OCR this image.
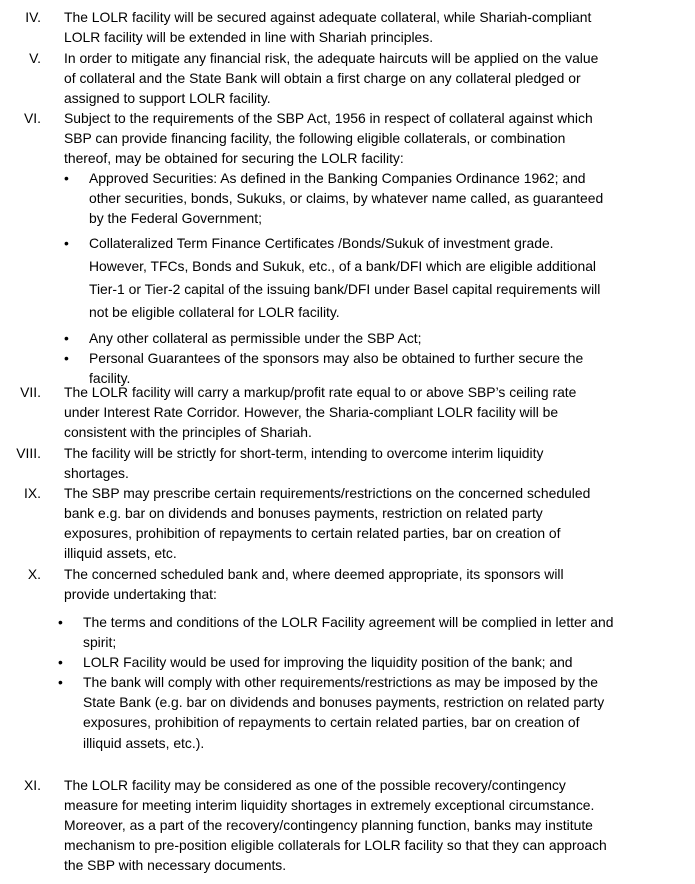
IV. The LOLR facility will be secured against adequate collateral, while Shariah-compliant
LOLR facility will be extended in line with Shariah principles.
V. In order to mitigate any financial risk, the adequate haircuts will be applied on the value
of collateral and the State Bank will obtain a first charge on any collateral pledged or
assigned to support LOLR facility.
VI. Subject to the requirements of the SBP Act, 1956 in respect of collateral against which
SBP can provide financing facility, the following eligible collaterals, or combination
thereof, may be obtained for securing the LOLR facility:
•	Approved Securities: As defined in the Banking Companies Ordinance 1962; and
other securities, bonds, Sukuks, or claims, by whatever name called, as guaranteed
by the Federal Government;
•	Collateralized Term Finance Certificates /Bonds/Sukuk of investment grade.
However, TFCs, Bonds and Sukuk, etc., of a bank/DFI which are eligible additional
Tier-1 or Tier-2 capital of the issuing bank/DFI under Basel capital requirements will
not be eligible collateral for LOLR facility.
•	Any other collateral as permissible under the SBP Act;
•	Personal Guarantees of the sponsors may also be obtained to further secure the
facility.
VII. The LOLR facility will carry a markup/profit rate equal to or above SBP’s ceiling rate
under Interest Rate Corridor. However, the Sharia-compliant LOLR facility will be
consistent with the principles of Shariah.
VIII. The facility will be strictly for short-term, intending to overcome interim liquidity
shortages.
IX. The SBP may prescribe certain requirements/restrictions on the concerned scheduled
bank e.g. bar on dividends and bonuses payments, restriction on related party
exposures, prohibition of repayments to certain related parties, bar on creation of
illiquid assets, etc.
X. The concerned scheduled bank and, where deemed appropriate, its sponsors will
provide undertaking that:
•	The terms and conditions of the LOLR Facility agreement will be complied in letter and
spirit;
•	LOLR Facility would be used for improving the liquidity position of the bank; and
•	The bank will comply with other requirements/restrictions as may be imposed by the
State Bank (e.g. bar on dividends and bonuses payments, restriction on related party
exposures, prohibition of repayments to certain related parties, bar on creation of
illiquid assets, etc.).
XI. The LOLR facility may be considered as one of the possible recovery/contingency
measure for meeting interim liquidity shortages in extremely exceptional circumstance.
Moreover, as a part of the recovery/contingency planning function, banks may institute
mechanism to pre-position eligible collaterals for LOLR facility so that they can approach
the SBP with necessary documents.
